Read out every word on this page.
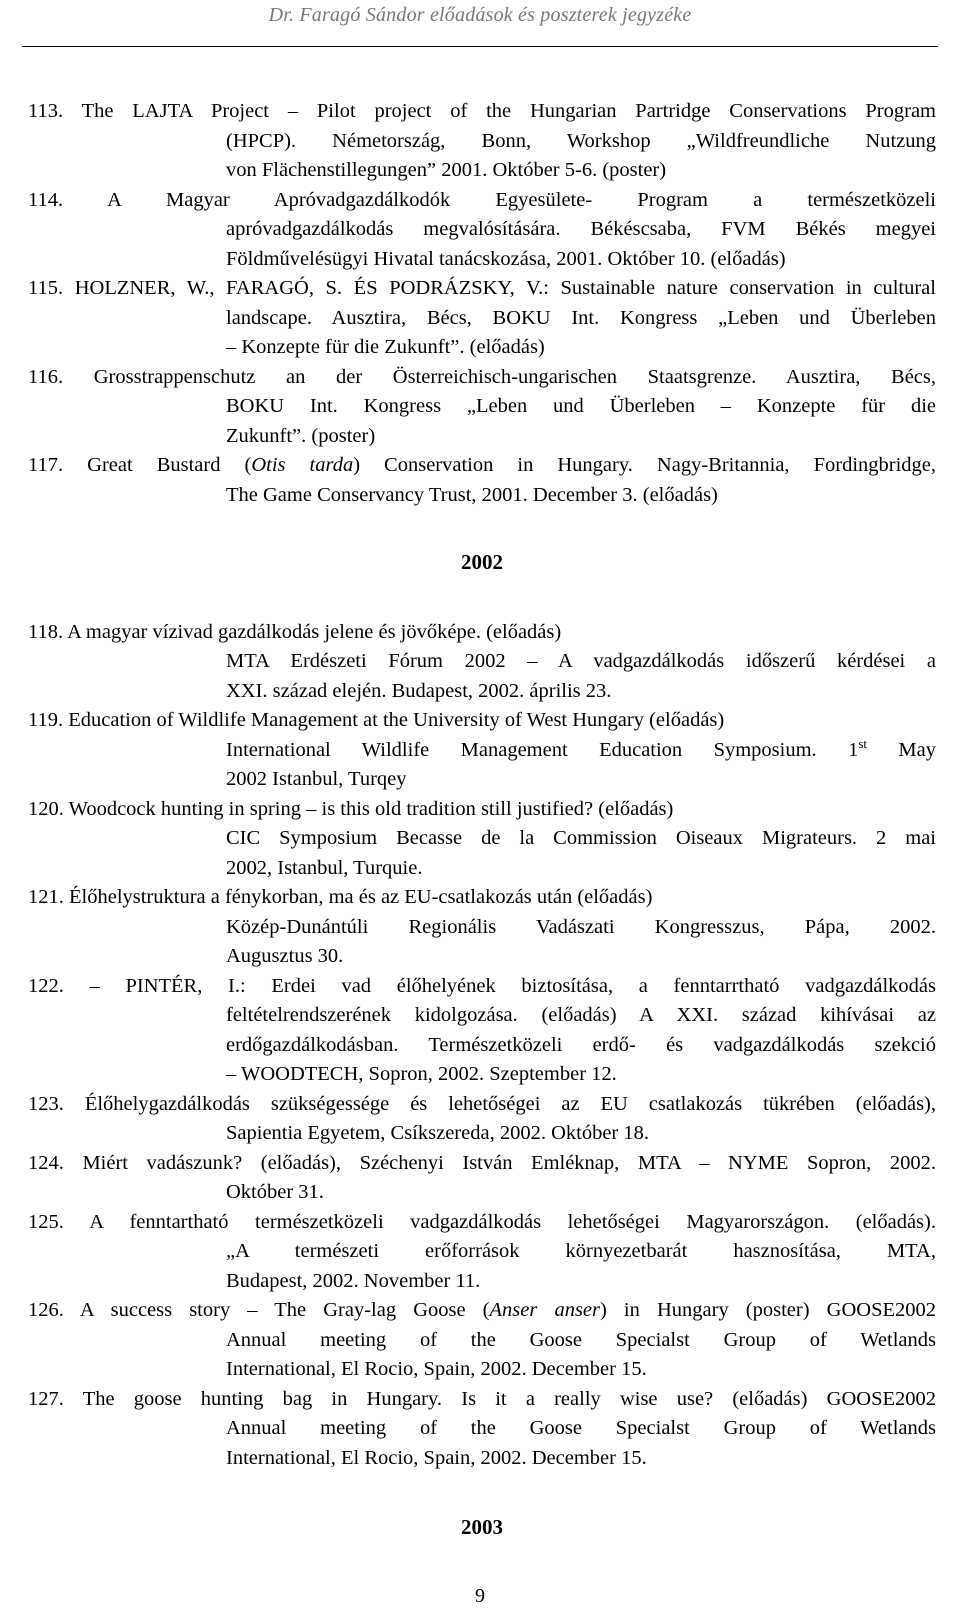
Dr. Faragó Sándor előadások és poszterek jegyzéke
113. The LAJTA Project – Pilot project of the Hungarian Partridge Conservations Program
(HPCP). Németország, Bonn, Workshop „Wildfreundliche Nutzung
von Flächenstillegungen” 2001. Október 5-6. (poster)
114. A Magyar Apróvadgazdálkodók Egyesülete- Program a természetközeli
apróvadgazdálkodás megvalósítására. Békéscsaba, FVM Békés megyei
Földművelésügyi Hivatal tanácskozása, 2001. Október 10. (előadás)
115. HOLZNER, W., FARAGÓ, S. ÉS PODRÁZSKY, V.: Sustainable nature conservation in cultural
landscape. Ausztira, Bécs, BOKU Int. Kongress „Leben und Überleben
– Konzepte für die Zukunft”. (előadás)
116. Grosstrappenschutz an der Österreichisch-ungarischen Staatsgrenze. Ausztira, Bécs,
BOKU Int. Kongress „Leben und Überleben – Konzepte für die
Zukunft”. (poster)
117. Great Bustard (Otis tarda) Conservation in Hungary. Nagy-Britannia, Fordingbridge,
The Game Conservancy Trust, 2001. December 3. (előadás)
2002
118. A magyar vízivad gazdálkodás jelene és jövőképe. (előadás)
MTA Erdészeti Fórum 2002 – A vadgazdálkodás időszerű kérdései a
XXI. század elején. Budapest, 2002. április 23.
119. Education of Wildlife Management at the University of West Hungary (előadás)
International Wildlife Management Education Symposium. 1st May
2002 Istanbul, Turqey
120. Woodcock hunting in spring – is this old tradition still justified? (előadás)
CIC Symposium Becasse de la Commission Oiseaux Migrateurs. 2 mai
2002, Istanbul, Turquie.
121. Élőhelystruktura a fénykorban, ma és az EU-csatlakozás után (előadás)
Közép-Dunántúli Regionális Vadászati Kongresszus, Pápa, 2002.
Augusztus 30.
122. – PINTÉR, I.: Erdei vad élőhelyének biztosítása, a fenntarrtható vadgazdálkodás
feltételrendszerének kidolgozása. (előadás) A XXI. század kihívásai az
erdőgazdálkodásban. Természetközeli erdő- és vadgazdálkodás szekció
– WOODTECH, Sopron, 2002. Szeptember 12.
123. Élőhelygazdálkodás szükségessége és lehetőségei az EU csatlakozás tükrében (előadás),
Sapientia Egyetem, Csíkszereda, 2002. Október 18.
124. Miért vadászunk? (előadás), Széchenyi István Emléknap, MTA – NYME Sopron, 2002.
Október 31.
125. A fenntartható természetközeli vadgazdálkodás lehetőségei Magyarországon. (előadás).
„A természeti erőforrások környezetbarát hasznosítása, MTA,
Budapest, 2002. November 11.
126. A success story – The Gray-lag Goose (Anser anser) in Hungary (poster) GOOSE2002
Annual meeting of the Goose Specialst Group of Wetlands
International, El Rocio, Spain, 2002. December 15.
127. The goose hunting bag in Hungary. Is it a really wise use? (előadás) GOOSE2002
Annual meeting of the Goose Specialst Group of Wetlands
International, El Rocio, Spain, 2002. December 15.
2003
9
